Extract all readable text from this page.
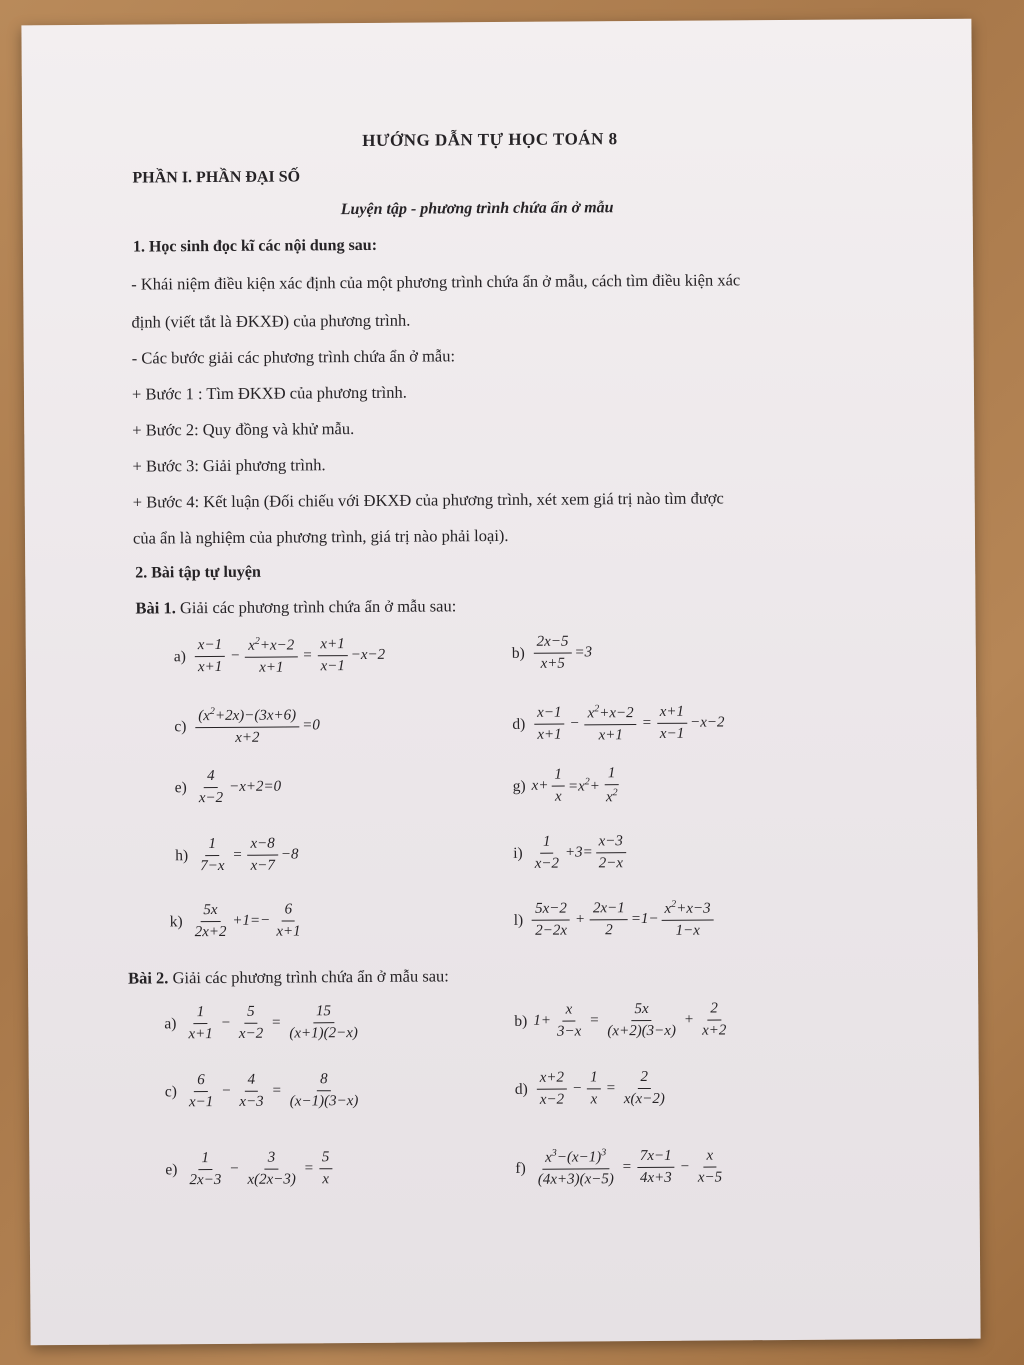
HƯỚNG DẪN TỰ HỌC TOÁN 8
PHẦN I. PHẦN ĐẠI SỐ
Luyện tập - phương trình chứa ẩn ở mẫu
1. Học sinh đọc kĩ các nội dung sau:
- Khái niệm điều kiện xác định của một phương trình chứa ẩn ở mẫu, cách tìm điều kiện xác
định (viết tắt là ĐKXĐ) của phương trình.
- Các bước giải các phương trình chứa ẩn ở mẫu:
+ Bước 1 : Tìm ĐKXĐ của phương trình.
+ Bước 2: Quy đồng và khử mẫu.
+ Bước 3: Giải phương trình.
+ Bước 4: Kết luận (Đối chiếu với ĐKXĐ của phương trình, xét xem giá trị nào tìm được
của ẩn là nghiệm của phương trình, giá trị nào phải loại).
2. Bài tập tự luyện
Bài 1. Giải các phương trình chứa ẩn ở mẫu sau:
$a) \frac{x-1}{x+1} - \frac{x^2+x-2}{x+1} = \frac{x+1}{x-1} -x-2$	$b) \frac{2x-5}{x+5} =3$
$c) \frac{(x^2+2x)-(3x+6)}{x+2} =0$	$d) \frac{x-1}{x+1} - \frac{x^2+x-2}{x+1} = \frac{x+1}{x-1} -x-2$
$e) \frac{4}{x-2} -x+2=0$	g) $x+ \frac{1}{x} =x^2+ \frac{1}{x^2}$
$h) \frac{1}{7-x} = \frac{x-8}{x-7} -8$	$i) \frac{1}{x-2} +3= \frac{x-3}{2-x}$
$k) \frac{5x}{2x+2} +1=- \frac{6}{x+1}$	$l) \frac{5x-2}{2-2x} + \frac{2x-1}{2} =1- \frac{x^2+x-3}{1-x}$
Bài 2. Giải các phương trình chứa ẩn ở mẫu sau:
$a) \frac{1}{x+1} - \frac{5}{x-2} = \frac{15}{(x+1)(2-x)}$	b) $1+ \frac{x}{3-x} = \frac{5x}{(x+2)(3-x)} + \frac{2}{x+2}$
$c) \frac{6}{x-1} - \frac{4}{x-3} = \frac{8}{(x-1)(3-x)}$	$d) \frac{x+2}{x-2} - \frac{1}{x} = \frac{2}{x(x-2)}$
$e) \frac{1}{2x-3} - \frac{3}{x(2x-3)} = \frac{5}{x}$	$f) \frac{x^3-(x-1)^3}{(4x+3)(x-5)} = \frac{7x-1}{4x+3} - \frac{x}{x-5}$
